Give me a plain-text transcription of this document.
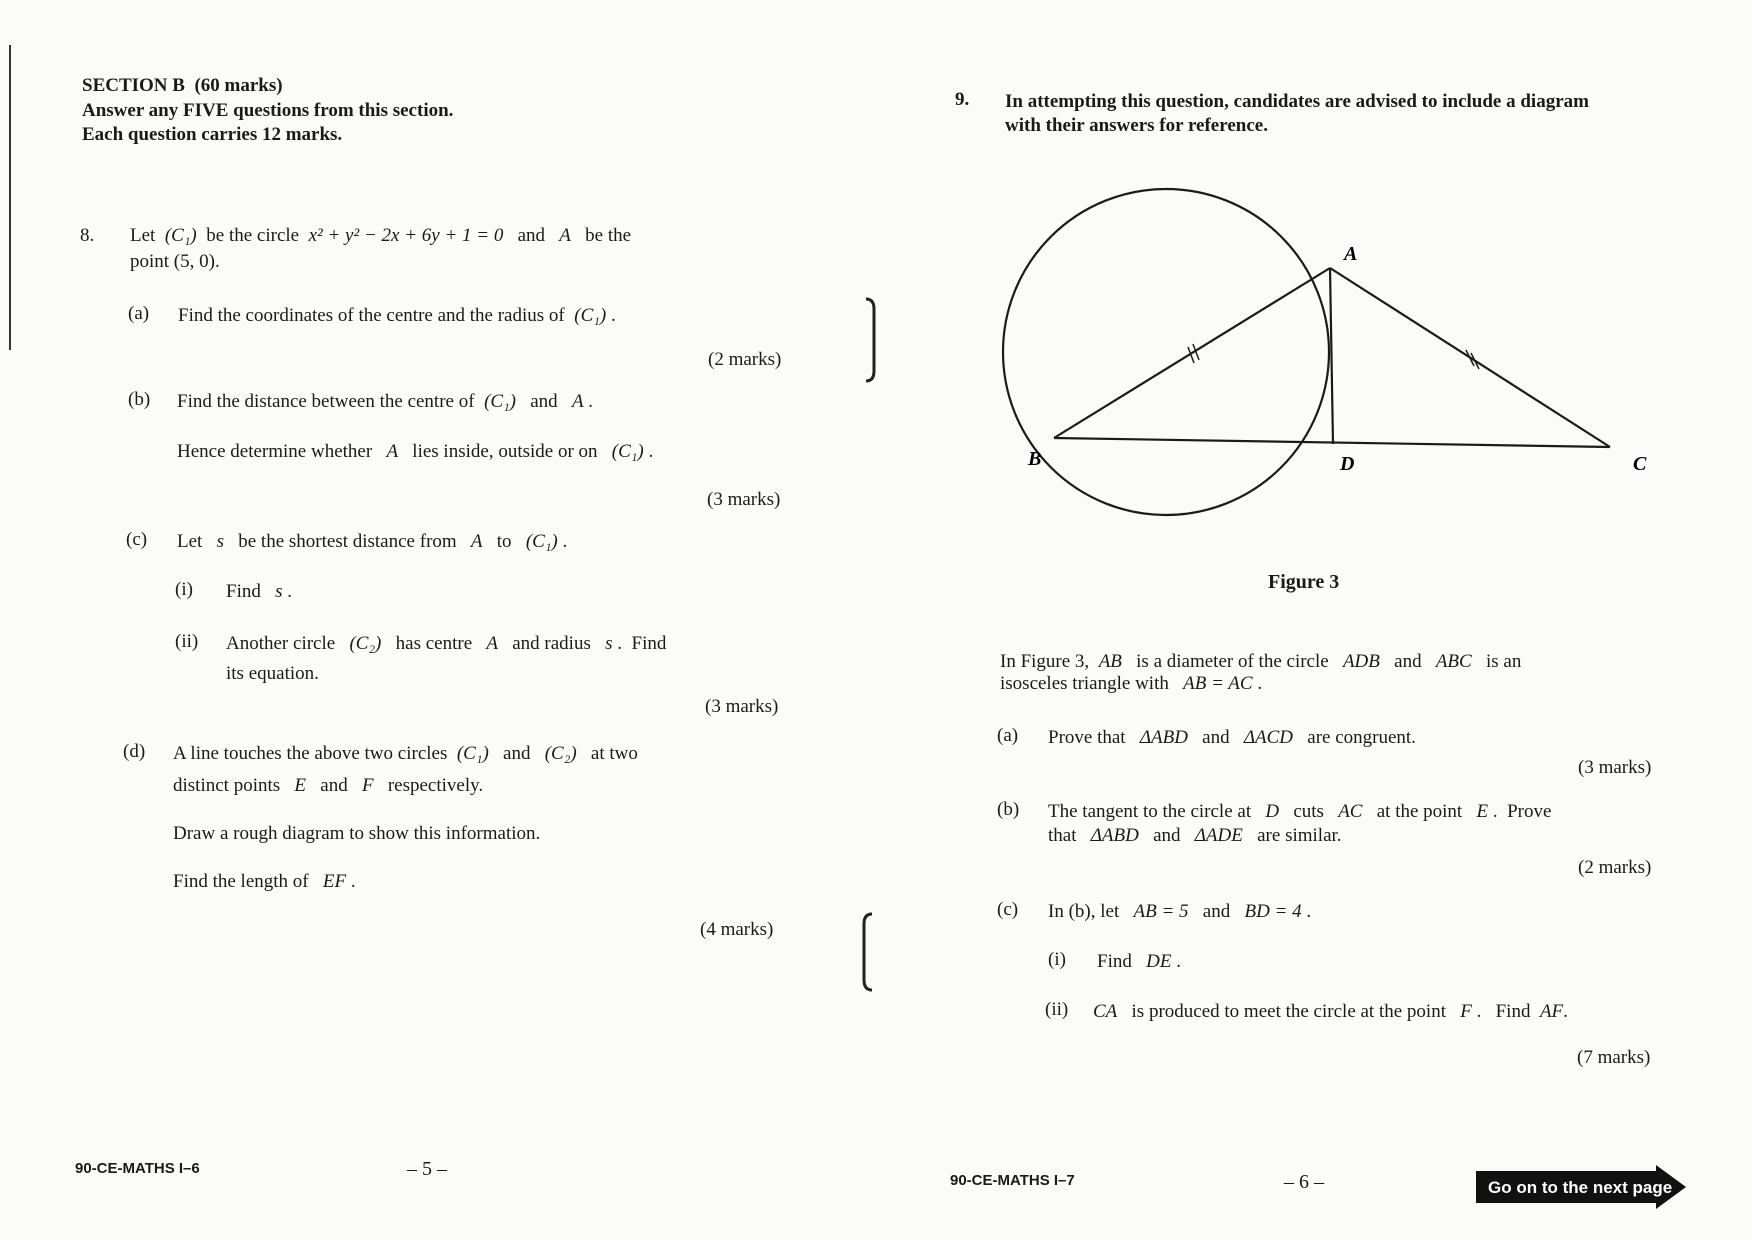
SECTION B (60 marks)
Answer any FIVE questions from this section.
Each question carries 12 marks.
8. Let (C₁) be the circle x² + y² − 2x + 6y + 1 = 0 and A be the
point (5, 0).
(a) Find the coordinates of the centre and the radius of (C₁) .
(2 marks)
(b) Find the distance between the centre of (C₁) and A .
Hence determine whether A lies inside, outside or on (C₁) .
(3 marks)
(c) Let s be the shortest distance from A to (C₁) .
(i) Find s .
(ii) Another circle (C₂) has centre A and radius s .  Find
its equation.
(3 marks)
(d) A line touches the above two circles (C₁) and (C₂) at two
distinct points E and F respectively.
Draw a rough diagram to show this information.
Find the length of EF .
(4 marks)
90-CE-MATHS I–6	– 5 –
9. In attempting this question, candidates are advised to include a diagram
with their answers for reference.
A
B	D	C
Figure 3
In Figure 3, AB is a diameter of the circle ADB and ABC is an
isosceles triangle with AB = AC .
(a) Prove that ΔABD and ΔACD are congruent.
(3 marks)
(b) The tangent to the circle at D cuts AC at the point E .  Prove
that ΔABD and ΔADE are similar.
(2 marks)
(c) In (b), let AB = 5 and BD = 4 .
(i) Find DE .
(ii) CA is produced to meet the circle at the point F .   Find AF.
(7 marks)
90-CE-MATHS I–7	– 6 –	Go on to the next page
